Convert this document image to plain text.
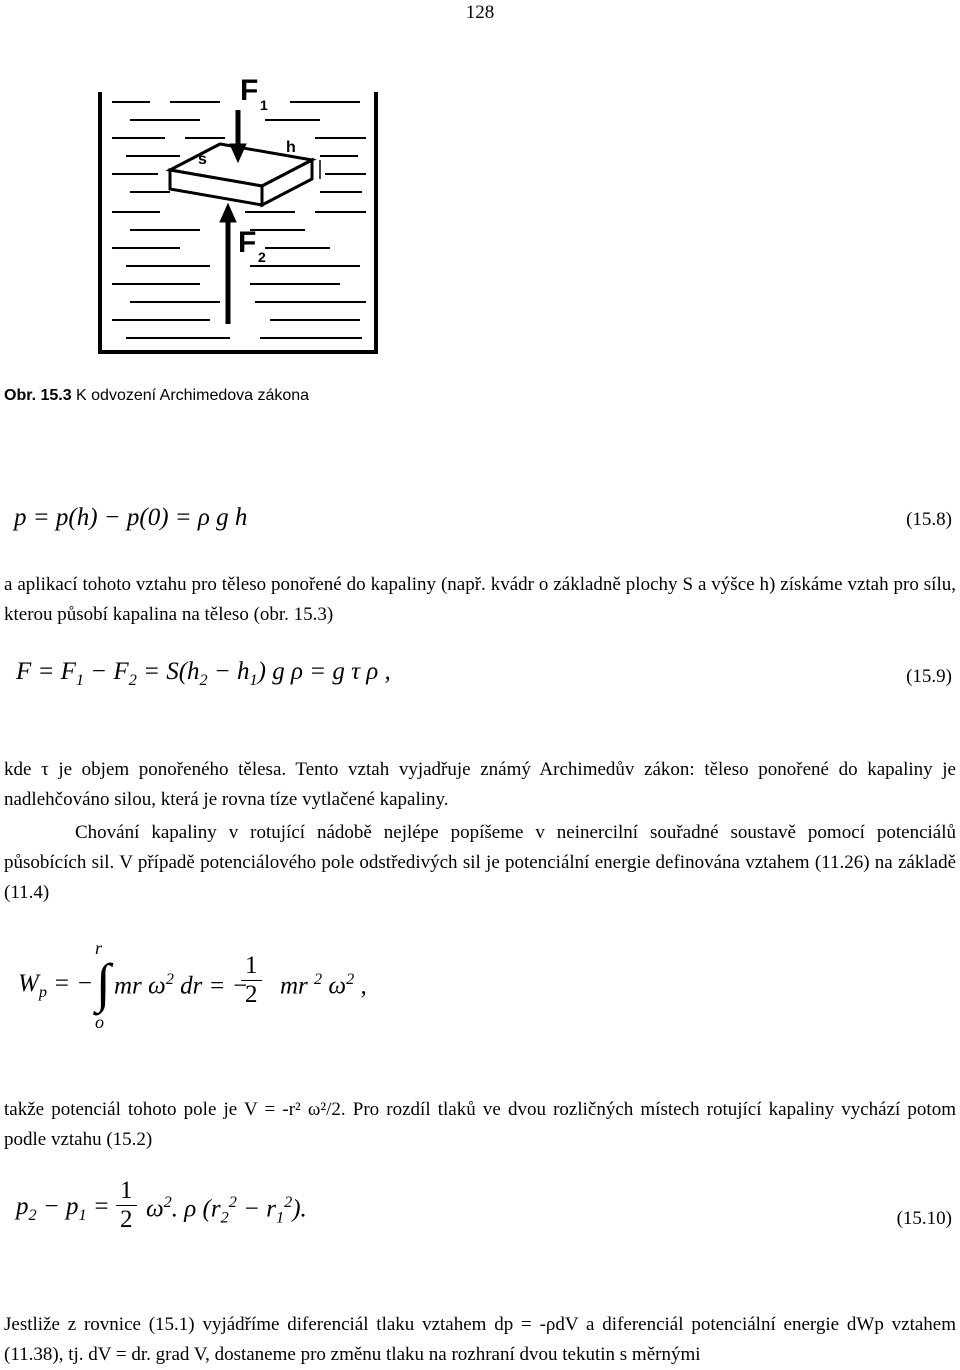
128
F 1
s
h
F 2
Obr. 15.3 K odvození Archimedova zákona
p = p(h) − p(0) = ρ g h	(15.8)

a aplikací tohoto vztahu pro těleso ponořené do kapaliny (např. kvádr o základně plochy S a výšce h) získáme vztah pro sílu, kterou působí kapalina na těleso (obr. 15.3)

$F = F_1 - F_2 = S(h_2 - h_1)$ g ρ = g τ ρ ,	(15.9)

kde τ je objem ponořeného tělesa. Tento vztah vyjadřuje známý Archimedův zákon: těleso ponořené do kapaliny je nadlehčováno silou, která je rovna tíze vytlačené kapaliny.

Chování kapaliny v rotující nádobě nejlépe popíšeme v neinercilní souřadné soustavě pomocí potenciálů působících sil. V případě potenciálového pole odstředivých sil je potenciální energie definována vztahem (11.26) na základě (11.4)

$W_p$ = −
r
∫
o
mr $\omega^2$ dr = −
$\frac{1}{2}$ mr $^2$ $\omega^2$ ,

takže potenciál tohoto pole je V = -r² ω²/2. Pro rozdíl tlaků ve dvou rozličných místech rotující kapaliny vychází potom podle vztahu (15.2)

$p_2 - p_1 = \frac{1}{2} \omega^2$. ρ $(r_2^2 - r_1^2)$.	(15.10)

Jestliže z rovnice (15.1) vyjádříme diferenciál tlaku vztahem dp = -ρdV a diferenciál potenciální energie dWp vztahem (11.38), tj. dV = dr. grad V, dostaneme pro změnu tlaku na rozhraní dvou tekutin s měrnými
